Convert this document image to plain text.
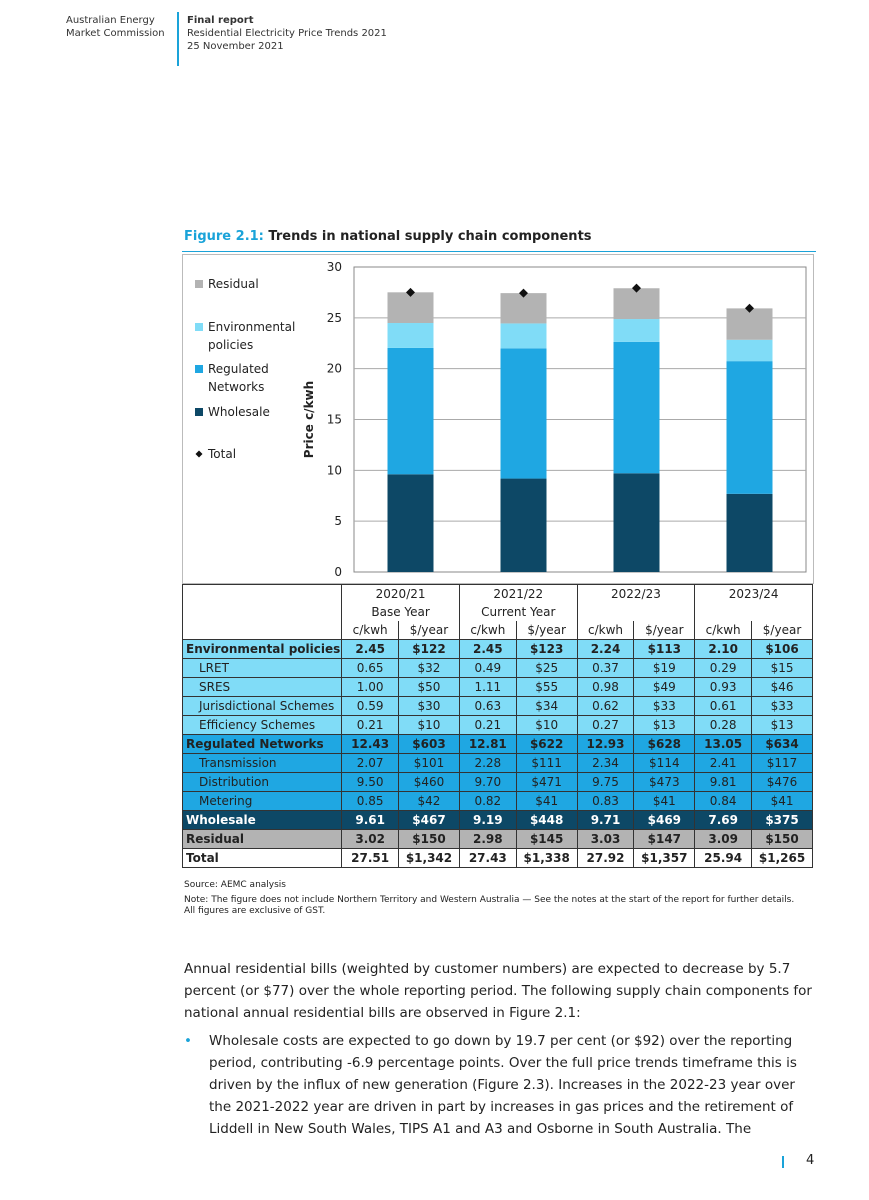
Australian Energy
Market Commission
Final report
Residential Electricity Price Trends 2021
25 November 2021
Figure 2.1: Trends in national supply chain components
0
5
10
15
20
25
30
Price c/kwh
Residual
Environmental
policies
Regulated
Networks
Wholesale
Total
	2020/21		2021/22		2022/23		2023/24	
	Base Year		Current Year					
	c/kwh	$/year	c/kwh	$/year	c/kwh	$/year	c/kwh	$/year
Environmental policies	2.45	$122	2.45	$123	2.24	$113	2.10	$106
LRET	0.65	$32	0.49	$25	0.37	$19	0.29	$15
SRES	1.00	$50	1.11	$55	0.98	$49	0.93	$46
Jurisdictional Schemes	0.59	$30	0.63	$34	0.62	$33	0.61	$33
Efficiency Schemes	0.21	$10	0.21	$10	0.27	$13	0.28	$13
Regulated Networks	12.43	$603	12.81	$622	12.93	$628	13.05	$634
Transmission	2.07	$101	2.28	$111	2.34	$114	2.41	$117
Distribution	9.50	$460	9.70	$471	9.75	$473	9.81	$476
Metering	0.85	$42	0.82	$41	0.83	$41	0.84	$41
Wholesale	9.61	$467	9.19	$448	9.71	$469	7.69	$375
Residual	3.02	$150	2.98	$145	3.03	$147	3.09	$150
Total	27.51	$1,342	27.43	$1,338	27.92	$1,357	25.94	$1,265
Source: AEMC analysis
Note: The figure does not include Northern Territory and Western Australia — See the notes at the start of the report for further details. All figures are exclusive of GST.
Annual residential bills (weighted by customer numbers) are expected to decrease by 5.7 percent (or $77) over the whole reporting period. The following supply chain components for national annual residential bills are observed in Figure 2.1:
• Wholesale costs are expected to go down by 19.7 per cent (or $92) over the reporting period, contributing -6.9 percentage points. Over the full price trends timeframe this is driven by the influx of new generation (Figure 2.3). Increases in the 2022-23 year over the 2021-2022 year are driven in part by increases in gas prices and the retirement of Liddell in New South Wales, TIPS A1 and A3 and Osborne in South Australia. The
4
